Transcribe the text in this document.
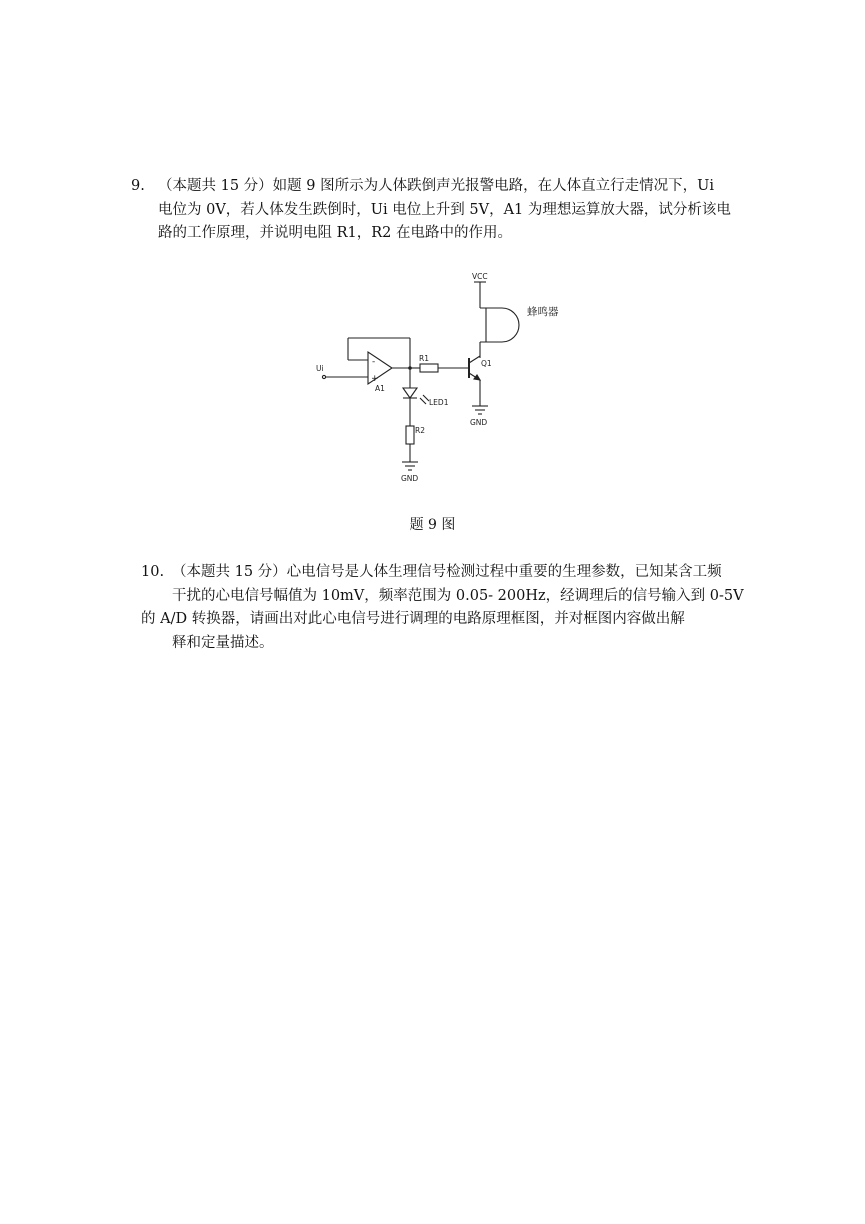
9. （本题共 15 分）如题 9 图所示为人体跌倒声光报警电路，在人体直立行走情况下，Ui
电位为 0V，若人体发生跌倒时，Ui 电位上升到 5V，A1 为理想运算放大器，试分析该电
路的工作原理，并说明电阻 R1，R2 在电路中的作用。
VCC
蜂鸣器
Ui
-
+
A1
R1
Q1
LED1
R2
GND
GND
题 9 图
10. （本题共 15 分）心电信号是人体生理信号检测过程中重要的生理参数，已知某含工频
干扰的心电信号幅值为 10mV，频率范围为 0.05- 200Hz，经调理后的信号输入到 0-5V
的 A/D 转换器，请画出对此心电信号进行调理的电路原理框图，并对框图内容做出解
释和定量描述。
